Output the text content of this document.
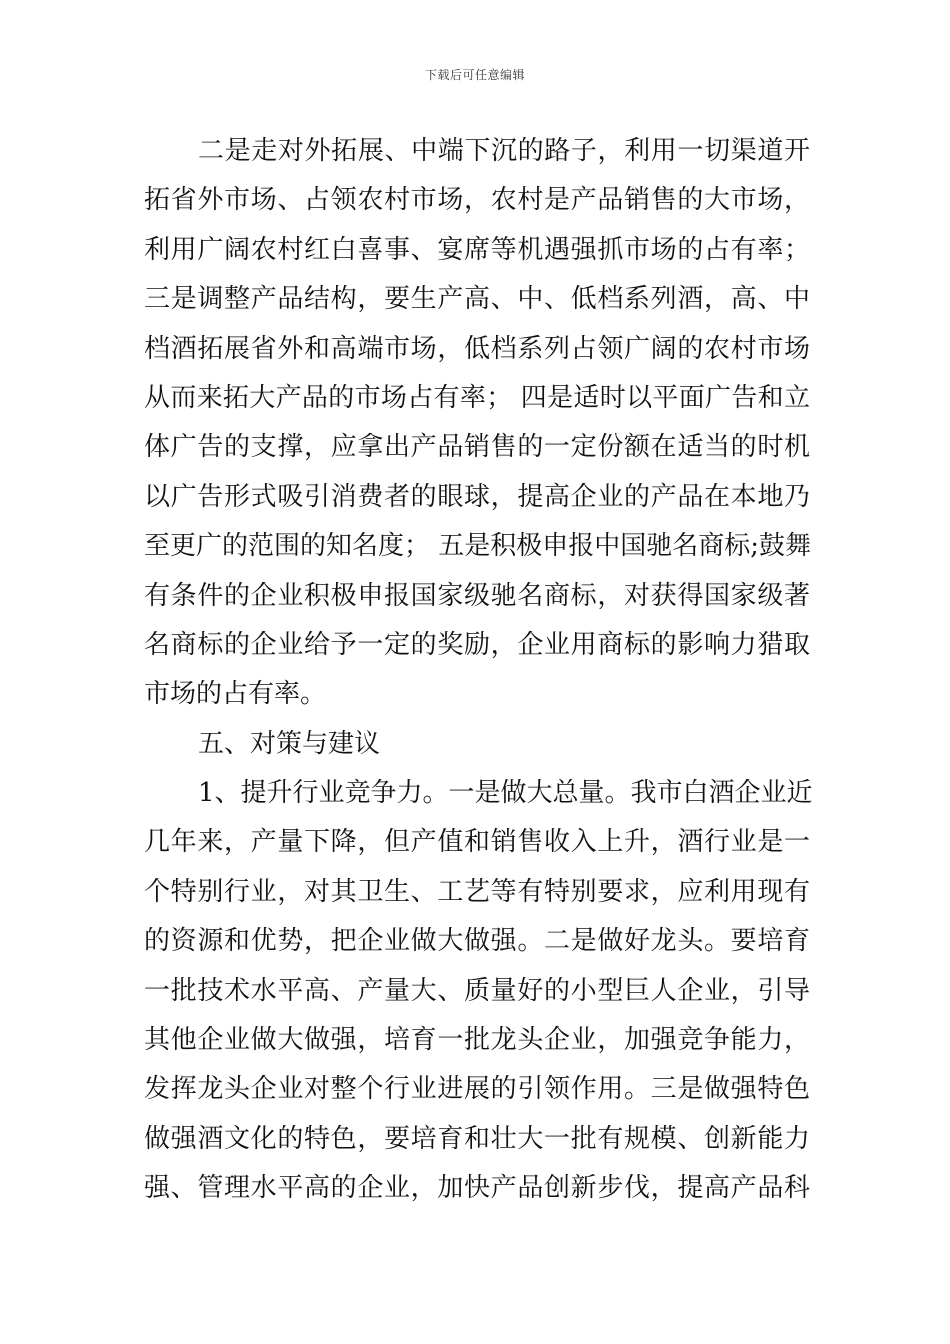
下载后可任意编辑
二是走对外拓展、中端下沉的路子，利用一切渠道开
拓省外市场、占领农村市场，农村是产品销售的大市场，
利用广阔农村红白喜事、宴席等机遇强抓市场的占有率；
三是调整产品结构，要生产高、中、低档系列酒，高、中
档酒拓展省外和高端市场，低档系列占领广阔的农村市场
从而来拓大产品的市场占有率； 四是适时以平面广告和立
体广告的支撑，应拿出产品销售的一定份额在适当的时机
以广告形式吸引消费者的眼球，提高企业的产品在本地乃
至更广的范围的知名度； 五是积极申报中国驰名商标;鼓舞
有条件的企业积极申报国家级驰名商标，对获得国家级著
名商标的企业给予一定的奖励，企业用商标的影响力猎取
市场的占有率。
五、对策与建议
1、提升行业竞争力。一是做大总量。我市白酒企业近
几年来，产量下降，但产值和销售收入上升，酒行业是一
个特别行业，对其卫生、工艺等有特别要求，应利用现有
的资源和优势，把企业做大做强。二是做好龙头。要培育
一批技术水平高、产量大、质量好的小型巨人企业，引导
其他企业做大做强，培育一批龙头企业，加强竞争能力，
发挥龙头企业对整个行业进展的引领作用。三是做强特色
做强酒文化的特色，要培育和壮大一批有规模、创新能力
强、管理水平高的企业，加快产品创新步伐，提高产品科
